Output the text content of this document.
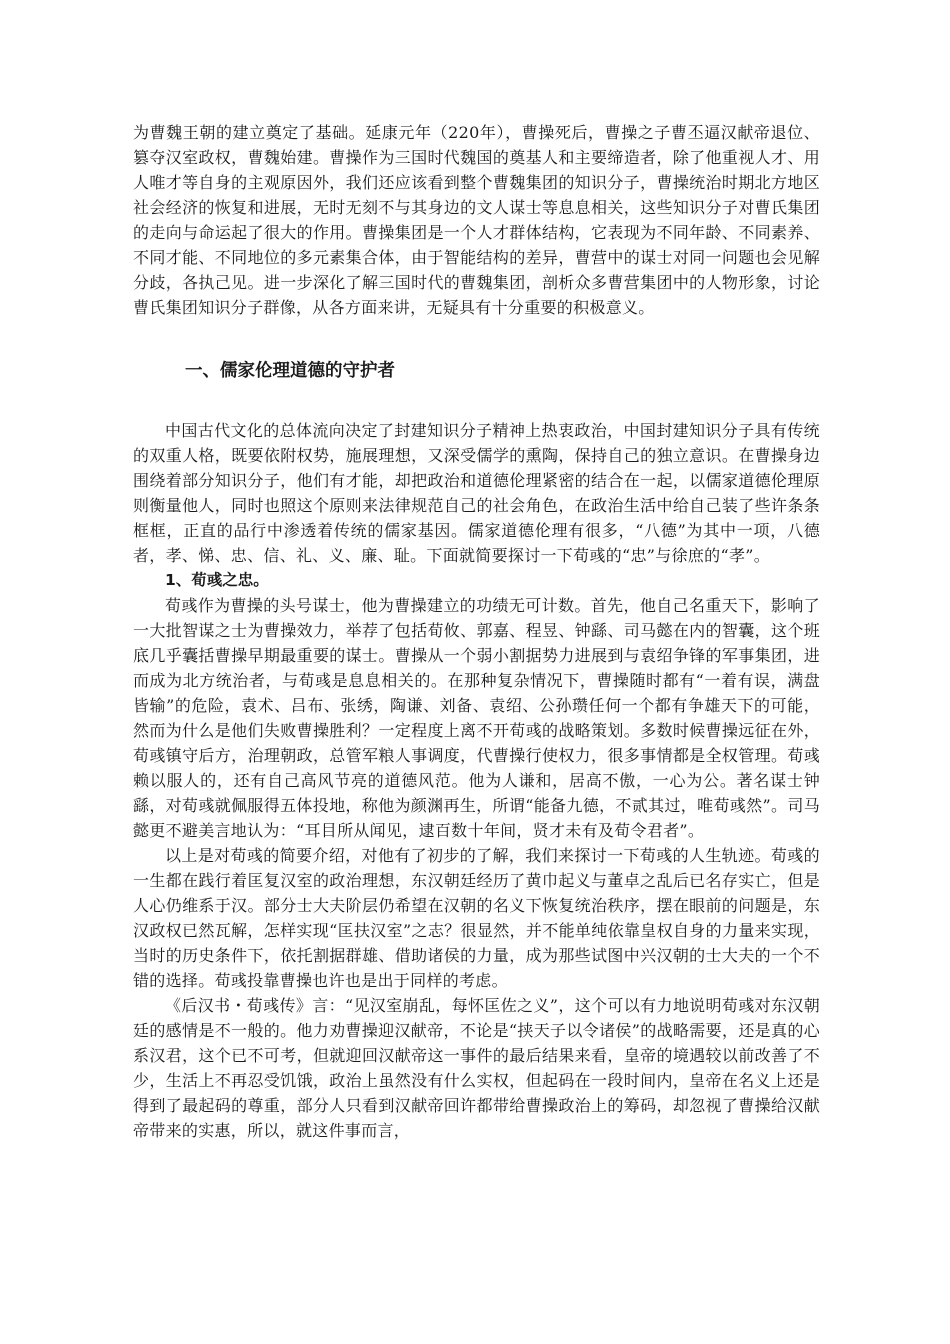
为曹魏王朝的建立奠定了基础。延康元年（220年），曹操死后，曹操之子曹丕逼汉献帝退位、篡夺汉室政权，曹魏始建。曹操作为三国时代魏国的奠基人和主要缔造者，除了他重视人才、用人唯才等自身的主观原因外，我们还应该看到整个曹魏集团的知识分子，曹操统治时期北方地区社会经济的恢复和进展，无时无刻不与其身边的文人谋士等息息相关，这些知识分子对曹氏集团的走向与命运起了很大的作用。曹操集团是一个人才群体结构，它表现为不同年龄、不同素养、不同才能、不同地位的多元素集合体，由于智能结构的差异，曹营中的谋士对同一问题也会见解分歧，各执己见。进一步深化了解三国时代的曹魏集团，剖析众多曹营集团中的人物形象，讨论曹氏集团知识分子群像，从各方面来讲，无疑具有十分重要的积极意义。

一、儒家伦理道德的守护者

中国古代文化的总体流向决定了封建知识分子精神上热衷政治，中国封建知识分子具有传统的双重人格，既要依附权势，施展理想，又深受儒学的熏陶，保持自己的独立意识。在曹操身边围绕着部分知识分子，他们有才能，却把政治和道德伦理紧密的结合在一起，以儒家道德伦理原则衡量他人，同时也照这个原则来法律规范自己的社会角色，在政治生活中给自己装了些许条条框框，正直的品行中渗透着传统的儒家基因。儒家道德伦理有很多，“八德”为其中一项，八德者，孝、悌、忠、信、礼、义、廉、耻。下面就简要探讨一下荀彧的“忠”与徐庶的“孝”。

1、荀彧之忠。

荀彧作为曹操的头号谋士，他为曹操建立的功绩无可计数。首先，他自己名重天下，影响了一大批智谋之士为曹操效力，举荐了包括荀攸、郭嘉、程昱、钟繇、司马懿在内的智囊，这个班底几乎囊括曹操早期最重要的谋士。曹操从一个弱小割据势力进展到与袁绍争锋的军事集团，进而成为北方统治者，与荀彧是息息相关的。在那种复杂情况下，曹操随时都有“一着有误，满盘皆输”的危险，袁术、吕布、张绣，陶谦、刘备、袁绍、公孙瓒任何一个都有争雄天下的可能，然而为什么是他们失败曹操胜利？一定程度上离不开荀彧的战略策划。多数时候曹操远征在外，荀彧镇守后方，治理朝政，总管军粮人事调度，代曹操行使权力，很多事情都是全权管理。荀彧赖以服人的，还有自己高风节亮的道德风范。他为人谦和，居高不傲，一心为公。著名谋士钟繇，对荀彧就佩服得五体投地，称他为颜渊再生，所谓“能备九德，不贰其过，唯荀彧然”。司马懿更不避美言地认为：“耳目所从闻见，逮百数十年间，贤才未有及荀令君者”。

以上是对荀彧的简要介绍，对他有了初步的了解，我们来探讨一下荀彧的人生轨迹。荀彧的一生都在践行着匡复汉室的政治理想，东汉朝廷经历了黄巾起义与董卓之乱后已名存实亡，但是人心仍维系于汉。部分士大夫阶层仍希望在汉朝的名义下恢复统治秩序，摆在眼前的问题是，东汉政权已然瓦解，怎样实现“匡扶汉室”之志？很显然，并不能单纯依靠皇权自身的力量来实现，当时的历史条件下，依托割据群雄、借助诸侯的力量，成为那些试图中兴汉朝的士大夫的一个不错的选择。荀彧投靠曹操也许也是出于同样的考虑。

《后汉书・荀彧传》言：“见汉室崩乱，每怀匡佐之义”，这个可以有力地说明荀彧对东汉朝廷的感情是不一般的。他力劝曹操迎汉献帝，不论是“挟天子以令诸侯”的战略需要，还是真的心系汉君，这个已不可考，但就迎回汉献帝这一事件的最后结果来看，皇帝的境遇较以前改善了不少，生活上不再忍受饥饿，政治上虽然没有什么实权，但起码在一段时间内，皇帝在名义上还是得到了最起码的尊重，部分人只看到汉献帝回许都带给曹操政治上的筹码，却忽视了曹操给汉献帝带来的实惠，所以，就这件事而言，
